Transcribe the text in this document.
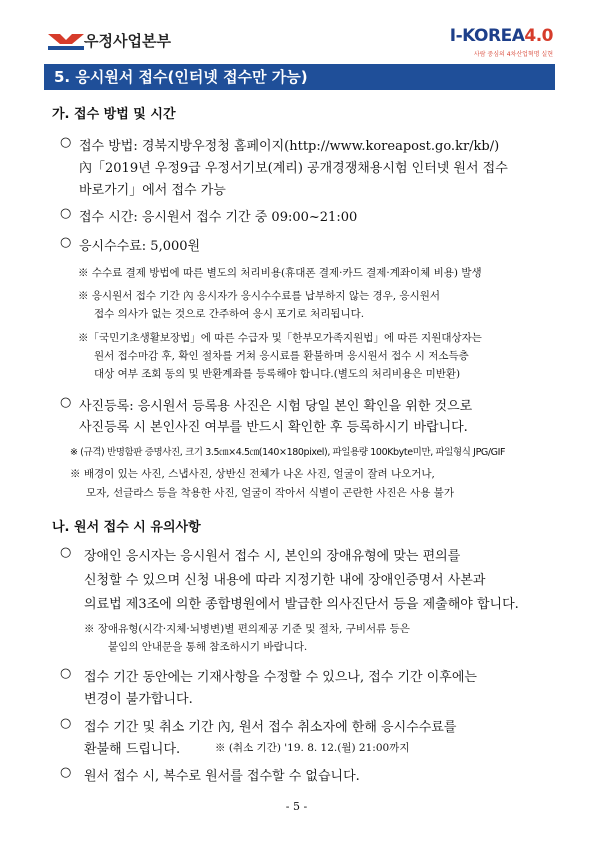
우정사업본부	I-KOREA4.0
사람 중심의 4차산업혁명 실현
5. 응시원서 접수(인터넷 접수만 가능)
가. 접수 방법 및 시간
○ 접수 방법: 경북지방우정청 홈페이지(http://www.koreapost.go.kr/kb/)
內「2019년 우정9급 우정서기보(계리) 공개경쟁채용시험 인터넷 원서 접수
바로가기」에서 접수 가능
○ 접수 시간: 응시원서 접수 기간 중 09:00~21:00
○ 응시수수료: 5,000원
※ 수수료 결제 방법에 따른 별도의 처리비용(휴대폰 결제·카드 결제·계좌이체 비용) 발생
※ 응시원서 접수 기간 內 응시자가 응시수수료를 납부하지 않는 경우, 응시원서
접수 의사가 없는 것으로 간주하여 응시 포기로 처리됩니다.
※「국민기초생활보장법」에 따른 수급자 및「한부모가족지원법」에 따른 지원대상자는
원서 접수마감 후, 확인 절차를 거쳐 응시료를 환불하며 응시원서 접수 시 저소득층
대상 여부 조회 동의 및 반환계좌를 등록해야 합니다.(별도의 처리비용은 미반환)
○ 사진등록: 응시원서 등록용 사진은 시험 당일 본인 확인을 위한 것으로
사진등록 시 본인사진 여부를 반드시 확인한 후 등록하시기 바랍니다.
※ (규격) 반명함판 증명사진, 크기 3.5㎝×4.5㎝(140×180pixel), 파일용량 100Kbyte미만, 파일형식 JPG/GIF
※ 배경이 있는 사진, 스냅사진, 상반신 전체가 나온 사진, 얼굴이 잘려 나오거나,
모자, 선글라스 등을 착용한 사진, 얼굴이 작아서 식별이 곤란한 사진은 사용 불가
나. 원서 접수 시 유의사항
○ 장애인 응시자는 응시원서 접수 시, 본인의 장애유형에 맞는 편의를
신청할 수 있으며 신청 내용에 따라 지정기한 내에 장애인증명서 사본과
의료법 제3조에 의한 종합병원에서 발급한 의사진단서 등을 제출해야 합니다.
※ 장애유형(시각·지체·뇌병변)별 편의제공 기준 및 절차, 구비서류 등은
붙임의 안내문을 통해 참조하시기 바랍니다.
○ 접수 기간 동안에는 기재사항을 수정할 수 있으나, 접수 기간 이후에는
변경이 불가합니다.
○ 접수 기간 및 취소 기간 內, 원서 접수 취소자에 한해 응시수수료를
환불해 드립니다.	※ (취소 기간) '19. 8. 12.(월) 21:00까지
○ 원서 접수 시, 복수로 원서를 접수할 수 없습니다.
- 5 -
